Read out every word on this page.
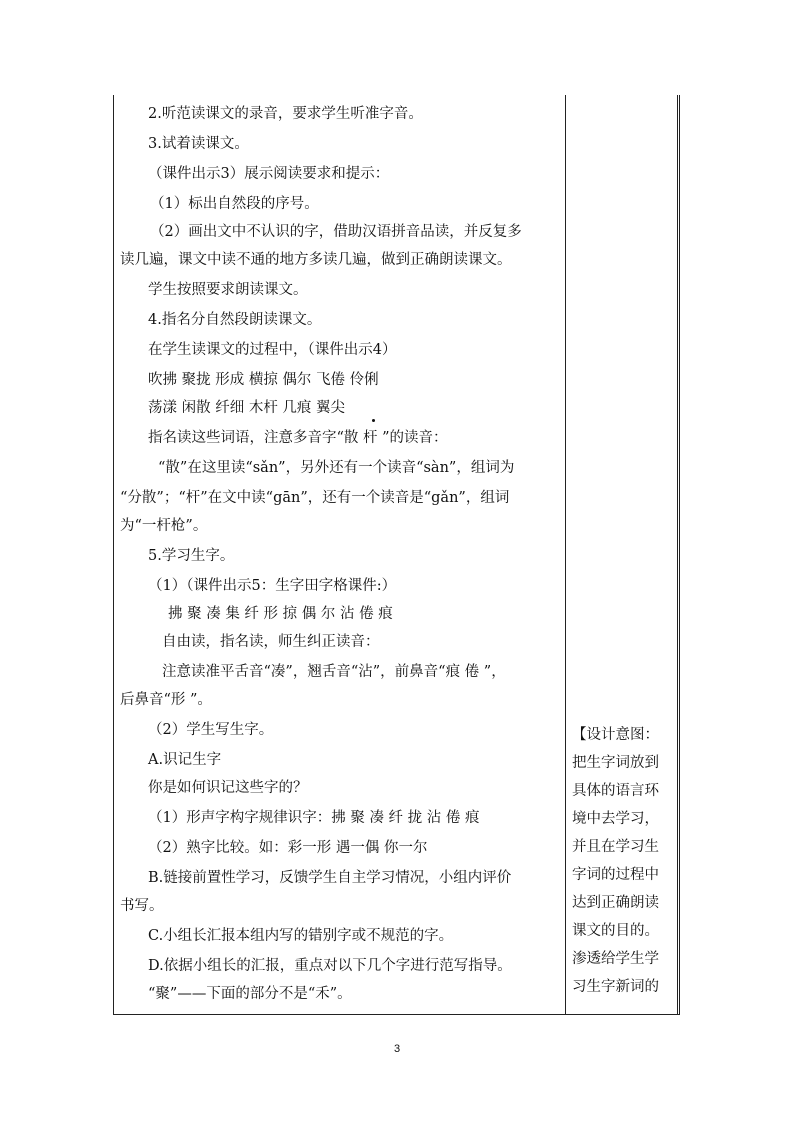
2.听范读课文的录音，要求学生听准字音。
3.试着读课文。
（课件出示3）展示阅读要求和提示：
（1）标出自然段的序号。
（2）画出文中不认识的字，借助汉语拼音品读，并反复多
读几遍，课文中读不通的地方多读几遍，做到正确朗读课文。
学生按照要求朗读课文。
4.指名分自然段朗读课文。
在学生读课文的过程中，（课件出示4）
吹拂 聚拢 形成 横掠 偶尔 飞倦 伶俐
荡漾 闲散 纤细 木杆 几痕 翼尖
指名读这些词语，注意多音字“散 杆 ”的读音：
“散”在这里读“sǎn”，另外还有一个读音“sàn”，组词为
“分散”；“杆”在文中读“gān”，还有一个读音是“gǎn”，组词
为“一杆枪”。
5.学习生字。
（1）（课件出示5：生字田字格课件:）
拂 聚 凑 集 纤 形 掠 偶 尔 沾 倦 痕
自由读，指名读，师生纠正读音：
注意读准平舌音“凑”，翘舌音“沾”，前鼻音“痕 倦 ”，
后鼻音“形 ”。
（2）学生写生字。
A.识记生字
你是如何识记这些字的？
（1）形声字构字规律识字：拂 聚 凑 纤 拢 沾 倦 痕
（2）熟字比较。如：彩一形 遇一偶 你一尔
B.链接前置性学习，反馈学生自主学习情况，小组内评价
书写。
C.小组长汇报本组内写的错别字或不规范的字。
D.依据小组长的汇报，重点对以下几个字进行范写指导。
“聚”——下面的部分不是“禾”。
【设计意图：
把生字词放到
具体的语言环
境中去学习，
并且在学习生
字词的过程中
达到正确朗读
课文的目的。
渗透给学生学
习生字新词的
3
